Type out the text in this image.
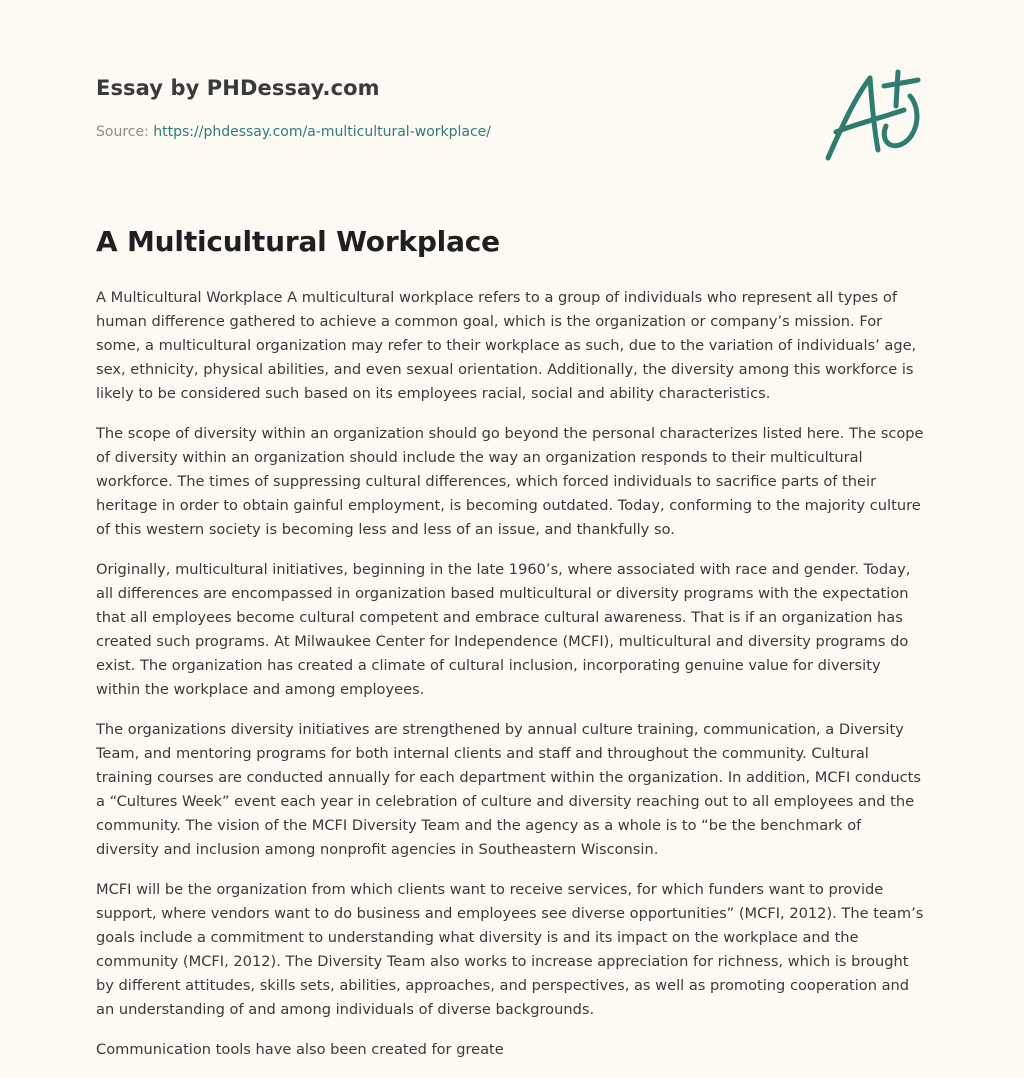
Essay by PHDessay.com

Source: https://phdessay.com/a-multicultural-workplace/

A Multicultural Workplace

A Multicultural Workplace A multicultural workplace refers to a group of individuals who represent all types of human difference gathered to achieve a common goal, which is the organization or company’s mission. For some, a multicultural organization may refer to their workplace as such, due to the variation of individuals’ age, sex, ethnicity, physical abilities, and even sexual orientation. Additionally, the diversity among this workforce is likely to be considered such based on its employees racial, social and ability characteristics.

The scope of diversity within an organization should go beyond the personal characterizes listed here. The scope of diversity within an organization should include the way an organization responds to their multicultural workforce. The times of suppressing cultural differences, which forced individuals to sacrifice parts of their heritage in order to obtain gainful employment, is becoming outdated. Today, conforming to the majority culture of this western society is becoming less and less of an issue, and thankfully so.

Originally, multicultural initiatives, beginning in the late 1960’s, where associated with race and gender. Today, all differences are encompassed in organization based multicultural or diversity programs with the expectation that all employees become cultural competent and embrace cultural awareness. That is if an organization has created such programs. At Milwaukee Center for Independence (MCFI), multicultural and diversity programs do exist. The organization has created a climate of cultural inclusion, incorporating genuine value for diversity within the workplace and among employees.

The organizations diversity initiatives are strengthened by annual culture training, communication, a Diversity Team, and mentoring programs for both internal clients and staff and throughout the community. Cultural training courses are conducted annually for each department within the organization. In addition, MCFI conducts a “Cultures Week” event each year in celebration of culture and diversity reaching out to all employees and the community. The vision of the MCFI Diversity Team and the agency as a whole is to “be the benchmark of diversity and inclusion among nonprofit agencies in Southeastern Wisconsin.

MCFI will be the organization from which clients want to receive services, for which funders want to provide support, where vendors want to do business and employees see diverse opportunities” (MCFI, 2012). The team’s goals include a commitment to understanding what diversity is and its impact on the workplace and the community (MCFI, 2012). The Diversity Team also works to increase appreciation for richness, which is brought by different attitudes, skills sets, abilities, approaches, and perspectives, as well as promoting cooperation and an understanding of and among individuals of diverse backgrounds.

Communication tools have also been created for greate
